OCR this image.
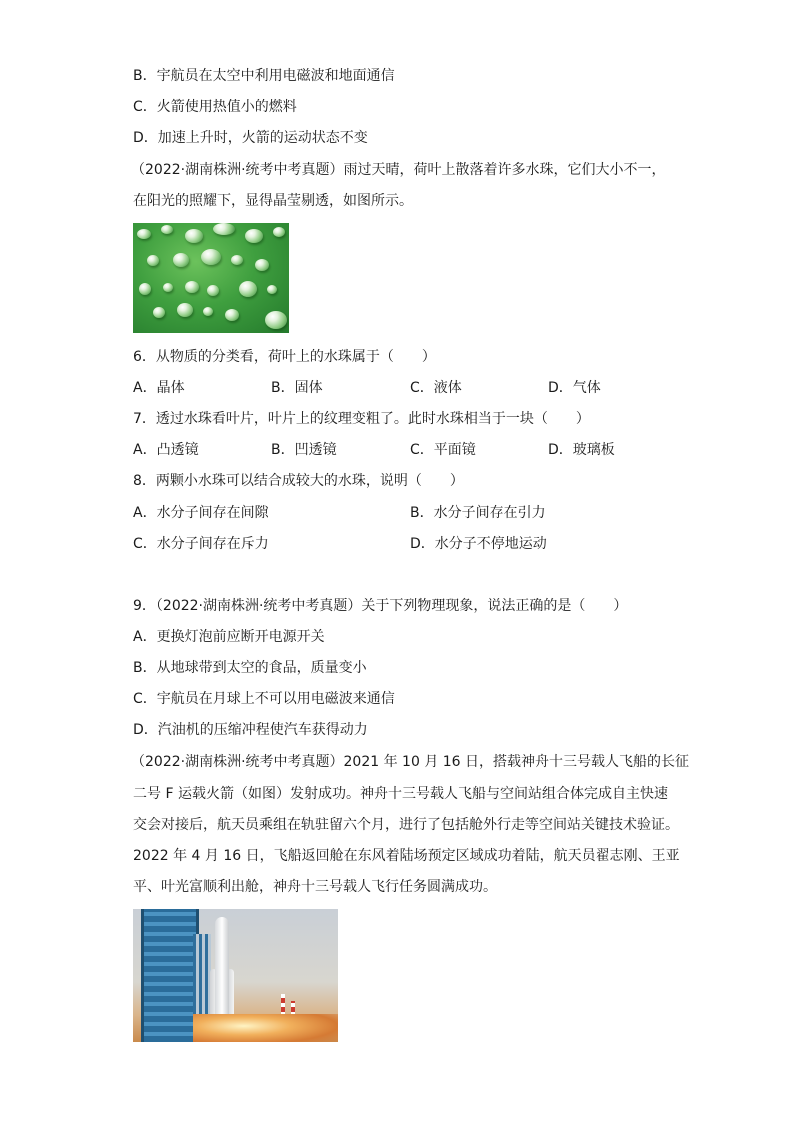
B．宇航员在太空中利用电磁波和地面通信
C．火箭使用热值小的燃料
D．加速上升时，火箭的运动状态不变
（2022·湖南株洲·统考中考真题）雨过天晴，荷叶上散落着许多水珠，它们大小不一，
在阳光的照耀下，显得晶莹剔透，如图所示。
6．从物质的分类看，荷叶上的水珠属于（　　）
A．晶体	B．固体	C．液体	D．气体
7．透过水珠看叶片，叶片上的纹理变粗了。此时水珠相当于一块（　　）
A．凸透镜	B．凹透镜	C．平面镜	D．玻璃板
8．两颗小水珠可以结合成较大的水珠，说明（　　）
A．水分子间存在间隙	B．水分子间存在引力
C．水分子间存在斥力	D．水分子不停地运动
9．（2022·湖南株洲·统考中考真题）关于下列物理现象，说法正确的是（　　）
A．更换灯泡前应断开电源开关
B．从地球带到太空的食品，质量变小
C．宇航员在月球上不可以用电磁波来通信
D．汽油机的压缩冲程使汽车获得动力
（2022·湖南株洲·统考中考真题）2021 年 10 月 16 日，搭载神舟十三号载人飞船的长征
二号 F 运载火箭（如图）发射成功。神舟十三号载人飞船与空间站组合体完成自主快速
交会对接后，航天员乘组在轨驻留六个月，进行了包括舱外行走等空间站关键技术验证。
2022 年 4 月 16 日，飞船返回舱在东风着陆场预定区域成功着陆，航天员翟志刚、王亚
平、叶光富顺利出舱，神舟十三号载人飞行任务圆满成功。
